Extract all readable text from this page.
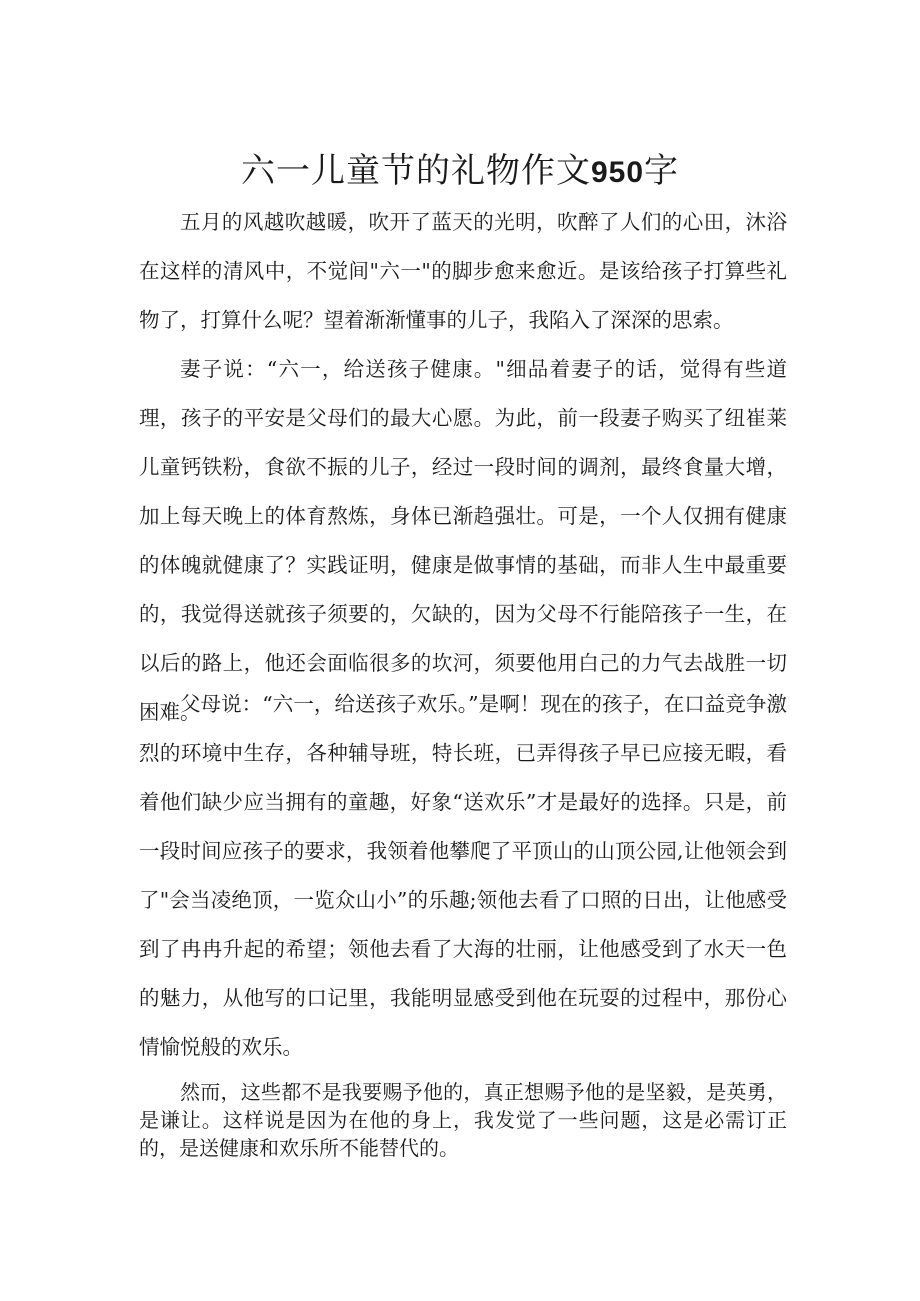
六一儿童节的礼物作文950字

五月的风越吹越暖，吹开了蓝天的光明，吹醉了人们的心田，沐浴在这样的清风中，不觉间"六一"的脚步愈来愈近。是该给孩子打算些礼物了，打算什么呢？望着渐渐懂事的儿子，我陷入了深深的思索。

妻子说：“六一，给送孩子健康。"细品着妻子的话，觉得有些道理，孩子的平安是父母们的最大心愿。为此，前一段妻子购买了纽崔莱儿童钙铁粉，食欲不振的儿子，经过一段时间的调剂，最终食量大增，加上每天晚上的体育熬炼，身体已渐趋强壮。可是，一个人仅拥有健康的体魄就健康了？实践证明，健康是做事情的基础，而非人生中最重要的，我觉得送就孩子须要的，欠缺的，因为父母不行能陪孩子一生，在以后的路上，他还会面临很多的坎河，须要他用白己的力气去战胜一切困难。

父母说：“六一，给送孩子欢乐。”是啊！现在的孩子，在口益竞争激烈的环境中生存，各种辅导班，特长班，已弄得孩子早已应接无暇，看着他们缺少应当拥有的童趣，好象“送欢乐”才是最好的选择。只是，前一段时间应孩子的要求，我领着他攀爬了平顶山的山顶公园,让他领会到了"会当凌绝顶，一览众山小”的乐趣;领他去看了口照的日出，让他感受到了冉冉升起的希望；领他去看了大海的壮丽，让他感受到了水天一色的魅力，从他写的口记里，我能明显感受到他在玩耍的过程中，那份心情愉悦般的欢乐。

然而，这些都不是我要赐予他的，真正想赐予他的是坚毅，是英勇，是谦让。这样说是因为在他的身上，我发觉了一些问题，这是必需订正的，是送健康和欢乐所不能替代的。
